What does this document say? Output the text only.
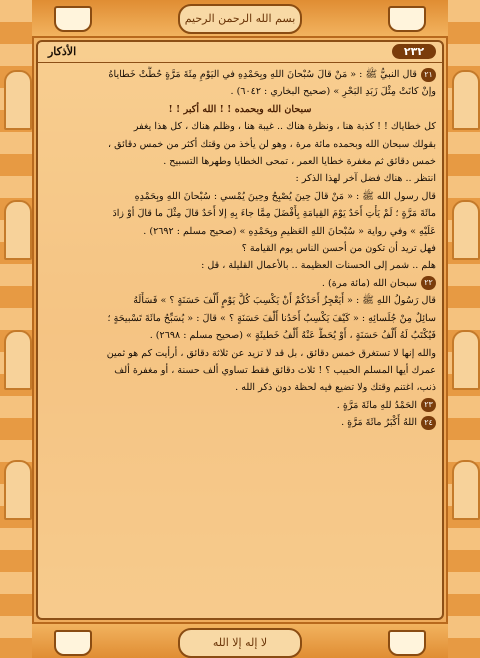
بسم الله الرحمن الرحيم
الأذكار	٢٣٢
٢١قال النبيُّ ﷺ : « مَنْ قالَ سُبْحانَ اللهِ وبِحَمْدِهِ في اليَوْمِ مِئَةَ مَرَّةٍ حُطَّتْ خَطاياهُ
وإنْ كانَتْ مِثْلَ زَبَدِ البَحْرِ » (صحيح البخاري : ٦٠٤٢) .
سبحان الله وبحمده ! ! الله أكبر ! !
كل خطاياك ! ! كذبة هنا ، ونظرة هناك .. غيبة هنا ، وظلم هناك ، كل هذا يغفر
بقولك سبحان الله وبحمده مائة مرة ، وهو لن يأخذ من وقتك أكثر من خمس دقائق ،
خمس دقائق ثم مغفرة خطايا العمر ، تمحى الخطايا وطهرها التسبيح .
انتظر .. هناك فضل آخر لهذا الذكر :
قال رسول الله ﷺ : « مَنْ قالَ حِينَ يُصْبِحُ وحِينَ يُمْسي : سُبْحانَ اللهِ وبِحَمْدِهِ
مائَةَ مَرَّةٍ ؛ لَمْ يَأْتِ أَحَدٌ يَوْمَ القِيامَةِ بِأَفْضَلَ مِمَّا جاءَ بِهِ إلا أَحَدٌ قالَ مِثْلَ ما قالَ أوْ زادَ
عَلَيْهِ » وفي رواية « سُبْحانَ اللهِ العَظيمِ وبِحَمْدِهِ » (صحيح مسلم : ٢٦٩٢) .
فهل تريد أن تكون من أحسن الناس يوم القيامة ؟
هلم .. شمر إلى الحسنات العظيمة .. بالأعمال القليلة ، قل :
٢٢سبحان الله (مائة مرة) .
قال رَسُولُ اللهِ ﷺ : « أَيَعْجِزُ أَحَدُكُمْ أَنْ يَكْسِبَ كُلَّ يَوْمٍ أَلْفَ حَسَنَةٍ ؟ » فَسَأَلَهُ
سائِلٌ مِنْ جُلَسائِهِ : « كَيْفَ يَكْسِبُ أَحَدُنا أَلْفَ حَسَنَةٍ ؟ » قالَ : « يُسَبِّحُ مائَةَ تَسْبيحَةٍ ؛
فَيُكْتَبُ لَهُ أَلْفُ حَسَنَةٍ ، أَوْ يُحَطُّ عَنْهُ أَلْفُ خَطيئَةٍ » (صحيح مسلم : ٢٦٩٨) .
والله إنها لا تستغرق خمس دقائق ، بل قد لا تزيد عن ثلاثة دقائق ، أرأيت كم هو ثمين
عمرك أيها المسلم الحبيب ؟ ! ثلاث دقائق فقط تساوي ألف حسنة ، أو مغفرة ألف
ذنب، اغتنم وقتك ولا تضيع فيه لحظة دون ذكر الله .
٢٣الحَمْدُ للهِ مائَةَ مَرَّةٍ .
٢٤اللهُ أَكْبَرُ مائَةَ مَرَّةٍ .
لا إله إلا الله
